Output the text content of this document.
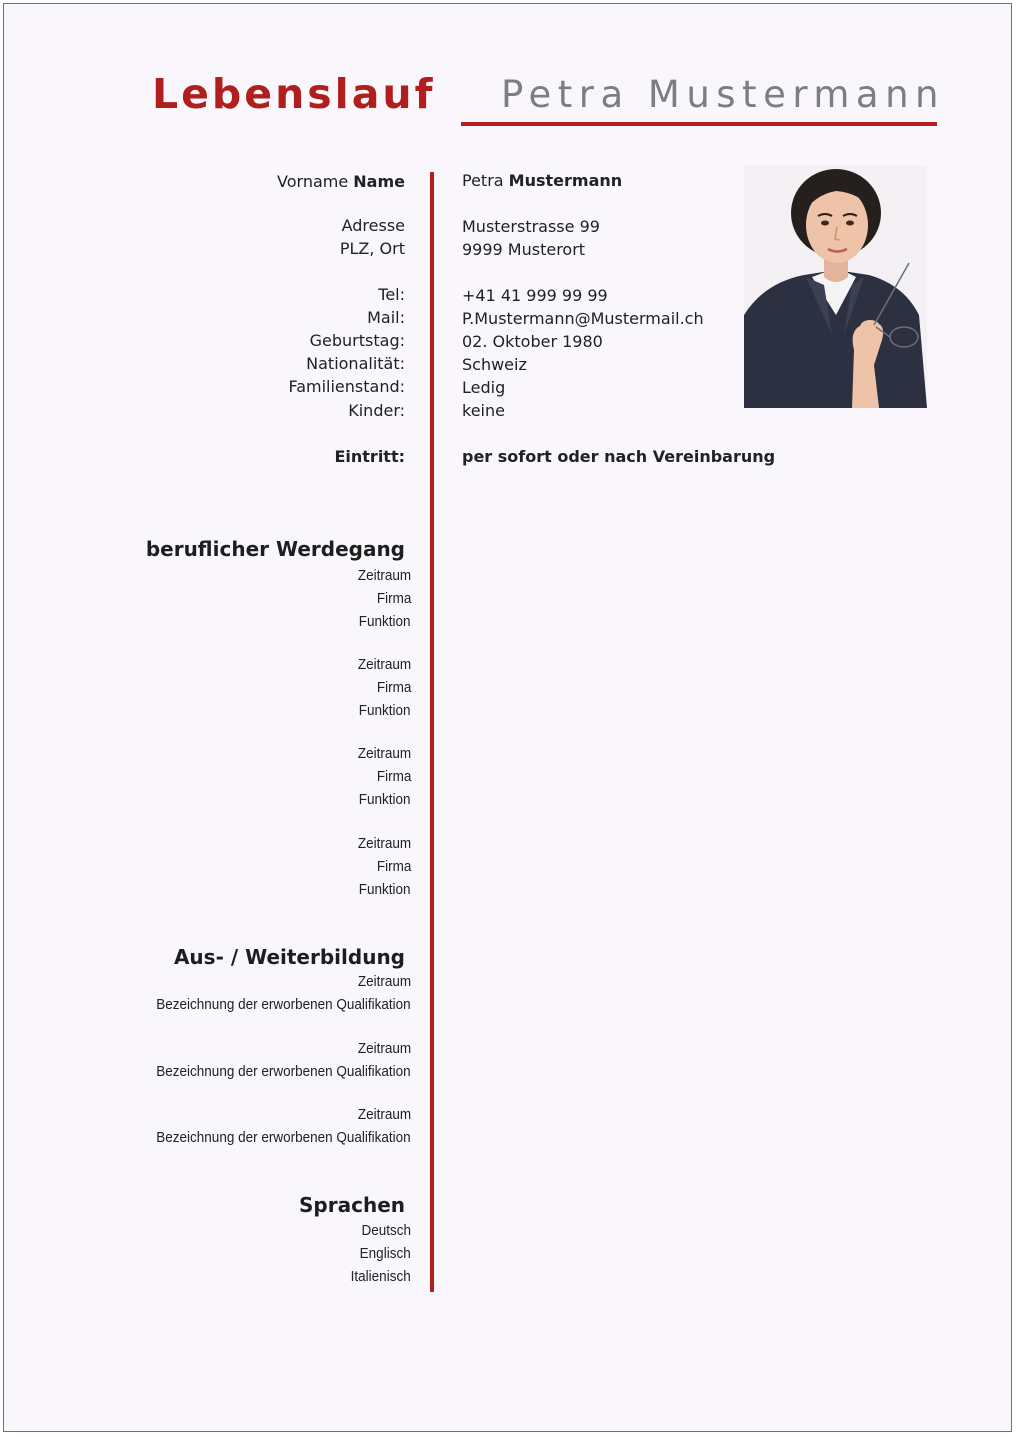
Lebenslauf Petra Mustermann
Vorname Name	Petra Mustermann
Adresse	Musterstrasse 99
PLZ, Ort	9999 Musterort
Tel:	+41 41 999 99 99
Mail:	P.Mustermann@Mustermail.ch
Geburtstag:	02. Oktober 1980
Nationalität:	Schweiz
Familienstand:	Ledig
Kinder:	keine
Eintritt:	per sofort oder nach Vereinbarung
beruflicher Werdegang
Zeitraum
Firma
Funktion
Zeitraum
Firma
Funktion
Zeitraum
Firma
Funktion
Zeitraum
Firma
Funktion
Aus- / Weiterbildung
Zeitraum
Bezeichnung der erworbenen Qualifikation
Zeitraum
Bezeichnung der erworbenen Qualifikation
Zeitraum
Bezeichnung der erworbenen Qualifikation
Sprachen
Deutsch
Englisch
Italienisch
